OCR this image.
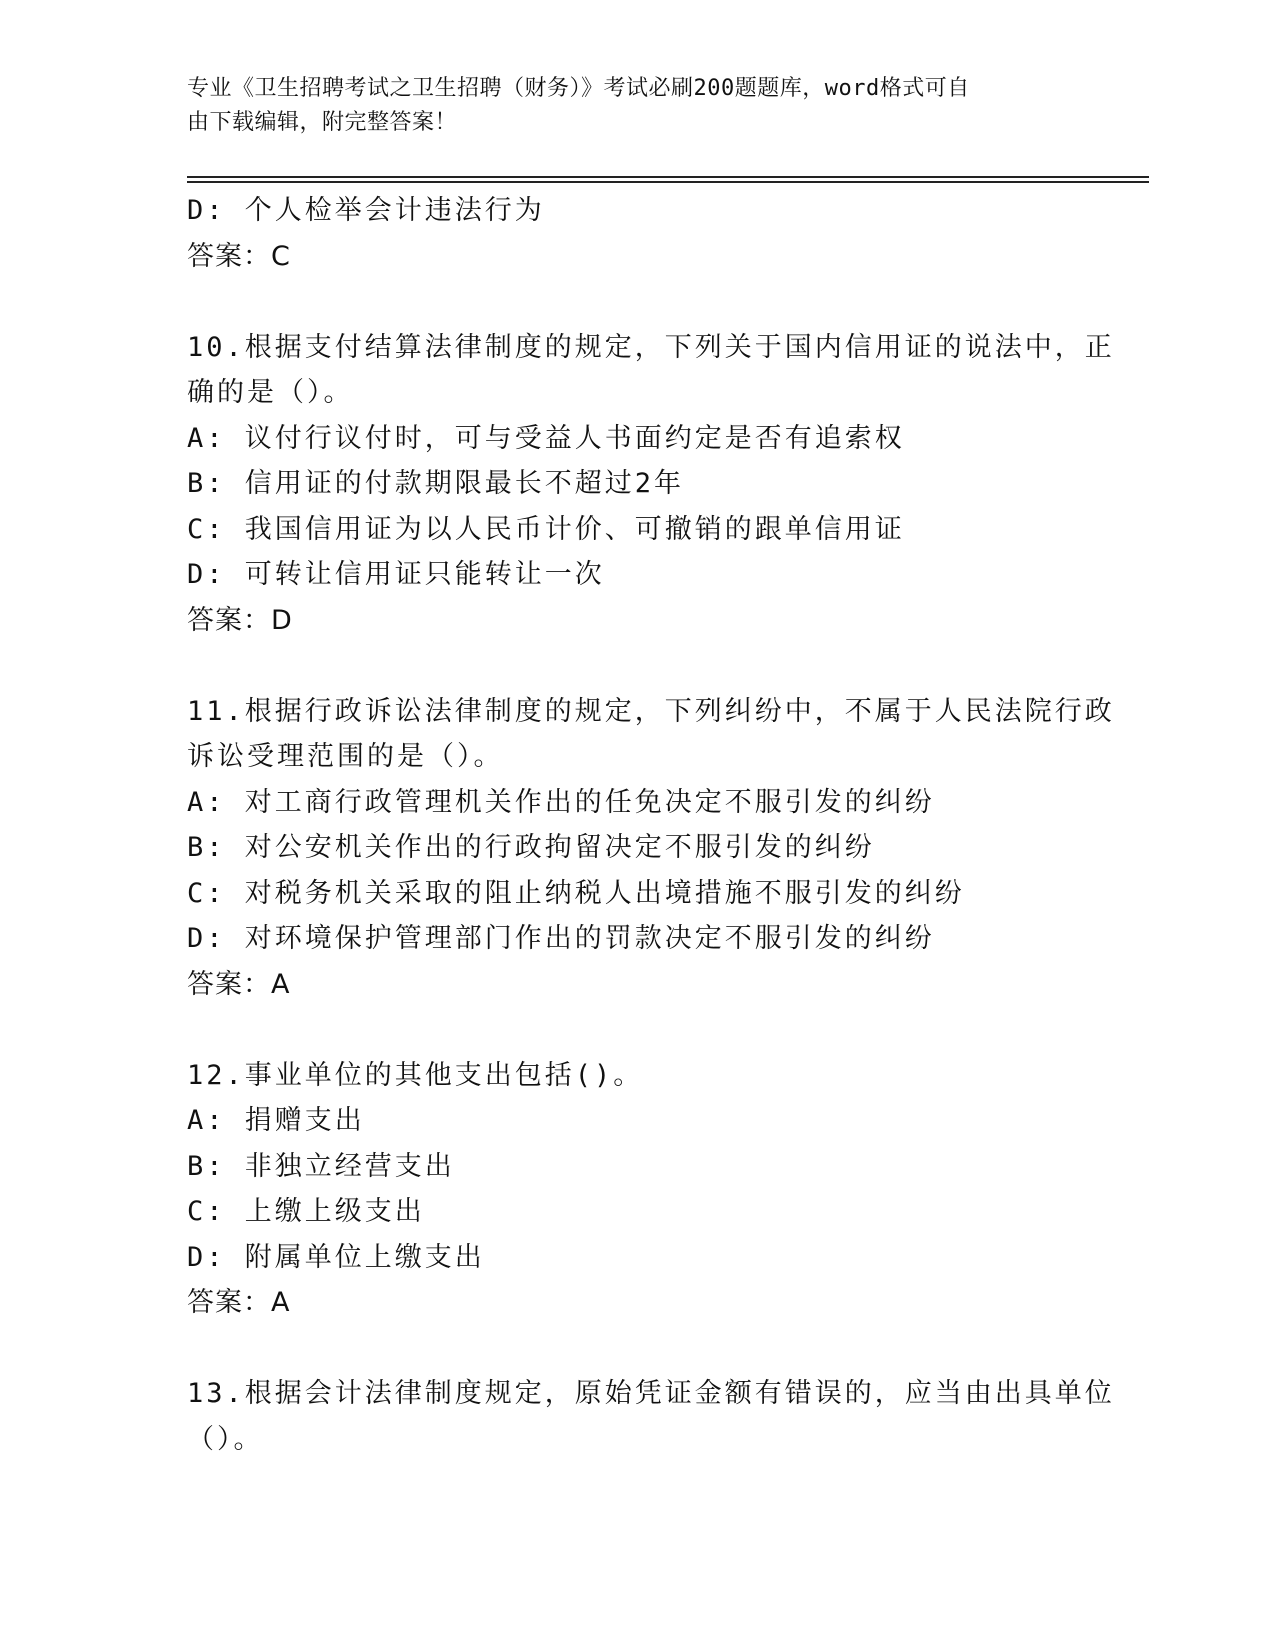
专业《卫生招聘考试之卫生招聘（财务）》考试必刷200题题库，word格式可自
由下载编辑，附完整答案！
D: 个人检举会计违法行为
答案：C
10.根据支付结算法律制度的规定，下列关于国内信用证的说法中，正
确的是（）。
A: 议付行议付时，可与受益人书面约定是否有追索权
B: 信用证的付款期限最长不超过2年
C: 我国信用证为以人民币计价、可撤销的跟单信用证
D: 可转让信用证只能转让一次
答案：D
11.根据行政诉讼法律制度的规定，下列纠纷中，不属于人民法院行政
诉讼受理范围的是（）。
A: 对工商行政管理机关作出的任免决定不服引发的纠纷
B: 对公安机关作出的行政拘留决定不服引发的纠纷
C: 对税务机关采取的阻止纳税人出境措施不服引发的纠纷
D: 对环境保护管理部门作出的罚款决定不服引发的纠纷
答案：A
12.事业单位的其他支出包括()。
A: 捐赠支出
B: 非独立经营支出
C: 上缴上级支出
D: 附属单位上缴支出
答案：A
13.根据会计法律制度规定，原始凭证金额有错误的，应当由出具单位
（）。
